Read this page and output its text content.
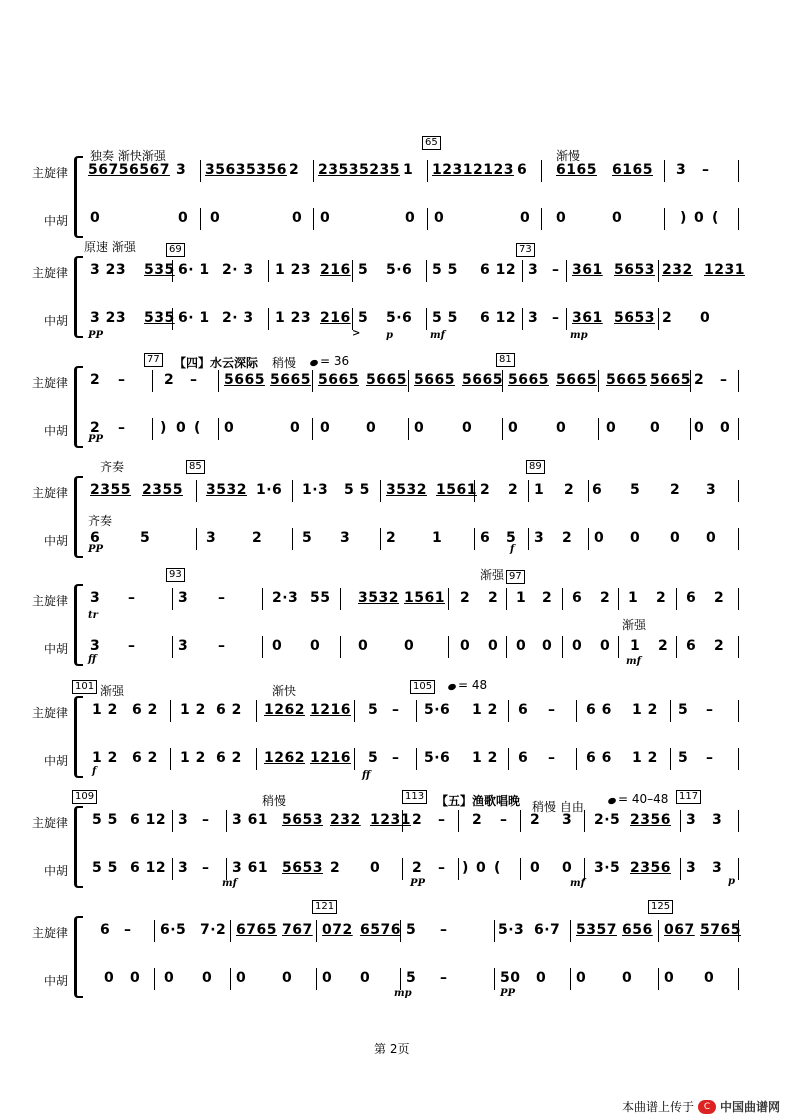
主旋律
中胡
56756567 3 35635356 2 23535235 1 12312123 6 6165 6165 3 –
0	0 0	0 0	0 0	0 0	0	) 0 (
独奏 渐快渐强	渐慢
65
主旋律
中胡
3 23 535 6· 1 2· 3 1 23 216 5 5·6 5 5 6 12 3 – 361 5653 232 1231
3 23 535 6· 1 2· 3 1 23 216 5 5·6 5 5 6 12 3 – 361 5653 2 0
原速 渐强	69	73
PP	>	p	mf	mp
主旋律
中胡
2 –	2 – 5665 5665 5665 5665 5665 5665 5665 5665 5665 5665 2 –
2 – ) 0 ( 0	0 0	0	0	0	0	0	0 0 0 0
稍慢
【四】水云深际
77	81
PP
= 36
主旋律
中胡
2355 2355 3532 1·6 1·3 5 5 3532 1561 2 2 1 2 6 5 2 3
6	5	3	2	5 3	2	1	6 5 3 2 0 0 0 0
齐奏
齐奏
85	89
PP	f
主旋律
中胡
3 –	3 –	2·3 55 3532 1561 2 2 1 2 6 2 1 2 6 2
3 –	3 –	0 0	0	0	0 0 0 0 0 0 1 2 6 2
渐强
渐强
93	97
tr
ff	mf
主旋律
中胡
1 2 6 2 1 2 6 2 1262 1216 5 – 5·6 1 2 6 – 6 6 1 2 5 –
1 2 6 2 1 2 6 2 1262 1216 5 – 5·6 1 2 6 – 6 6 1 2 5 –
渐强	渐快
101	105
f	ff
= 48
主旋律
中胡
5 5 6 12 3 – 3 61 5653 232 1231 2 – 2 – 2 3 2·5 2356 3 3
5 5 6 12 3 – 3 61 5653 2 0 2 – ) 0 ( 0 0 3·5 2356 3 3
稍慢	稍慢 自由
【五】渔歌唱晚
109	113	117
mf	PP	mf	p
= 40–48
主旋律
中胡
6 – 6·5 7·2 6765 767 072 6576 5 –	5·3 6·7 5357 656 067 5765
0 0 0 0 0	0 0 0	5 –	50 0 0	0 0 0
121	125
mp	PP
第 2页
本曲谱上传于	C 中国曲谱网
